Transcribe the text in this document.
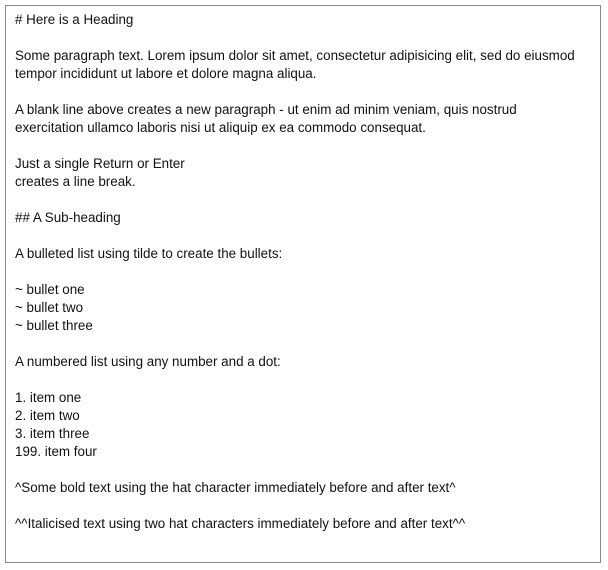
# Here is a Heading
Some paragraph text. Lorem ipsum dolor sit amet, consectetur adipisicing elit, sed do eiusmod
tempor incididunt ut labore et dolore magna aliqua.
A blank line above creates a new paragraph - ut enim ad minim veniam, quis nostrud
exercitation ullamco laboris nisi ut aliquip ex ea commodo consequat.
Just a single Return or Enter
creates a line break.
## A Sub-heading
A bulleted list using tilde to create the bullets:
~ bullet one
~ bullet two
~ bullet three
A numbered list using any number and a dot:
1. item one
2. item two
3. item three
199. item four
^Some bold text using the hat character immediately before and after text^
^^Italicised text using two hat characters immediately before and after text^^
